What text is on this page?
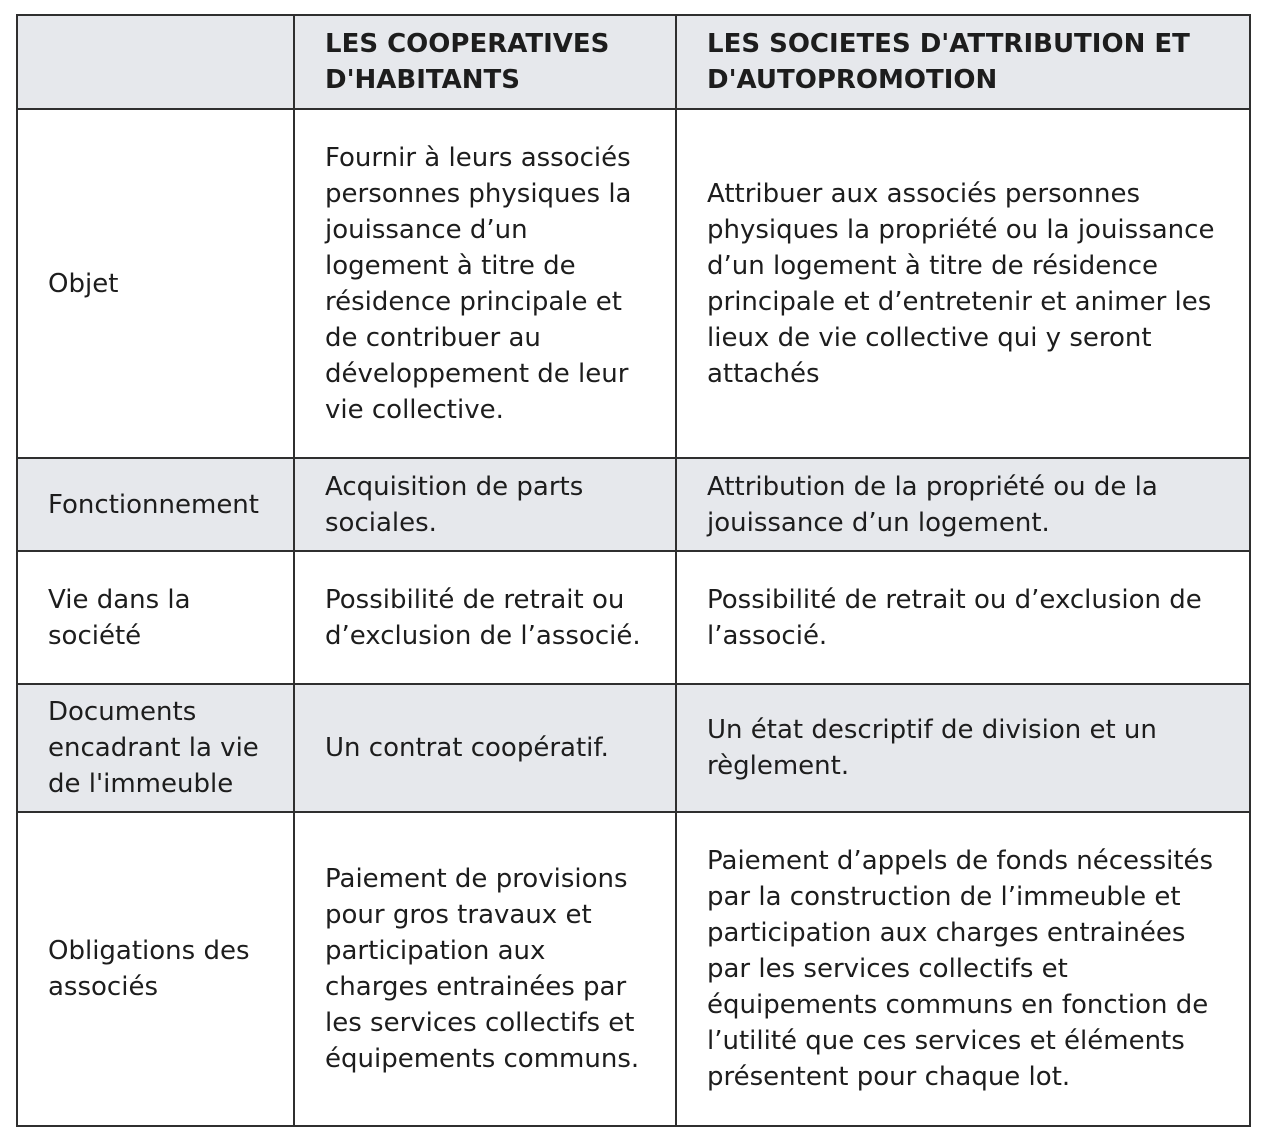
	LES COOPERATIVES D'HABITANTS	LES SOCIETES D'ATTRIBUTION ET D'AUTOPROMOTION
Objet	Fournir à leurs associés personnes physiques la jouissance d’un logement à titre de résidence principale et de contribuer au développement de leur vie collective.	Attribuer aux associés personnes physiques la propriété ou la jouissance d’un logement à titre de résidence principale et d’entretenir et animer les lieux de vie collective qui y seront attachés
Fonctionnement	Acquisition de parts sociales.	Attribution de la propriété ou de la jouissance d’un logement.
Vie dans la société	Possibilité de retrait ou d’exclusion de l’associé.	Possibilité de retrait ou d’exclusion de l’associé.
Documents encadrant la vie de l'immeuble	Un contrat coopératif.	Un état descriptif de division et un règlement.
Obligations des associés	Paiement de provisions pour gros travaux et participation aux charges entrainées par les services collectifs et équipements communs.	Paiement d’appels de fonds nécessités par la construction de l’immeuble et participation aux charges entrainées par les services collectifs et équipements communs en fonction de l’utilité que ces services et éléments présentent pour chaque lot.
